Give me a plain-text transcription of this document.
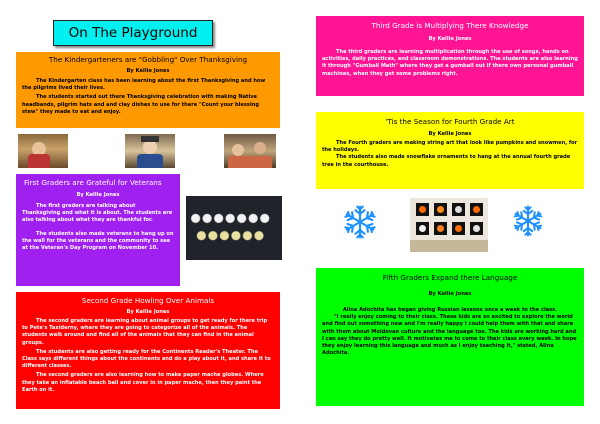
On The Playground
The Kindergarteners are "Gobbling" Over Thanksgiving
By Kellie Jones

The Kindergarten class has been learning about the first Thanksgiving and how the pilgrims lived their lives.

The students started out there Thanksgiving celebration with making Native headbands, pilgrim hats and and clay dishes to use for there "Count your blessing stew" they made to eat and enjoy.

First Graders are Grateful for Veterans
By Kellie Jones

The first graders are talking about Thanksgiving and what it is about. The students are also talking about what they are thankful for.

The students also made veterans to hang up on the wall for the veterans and the community to see at the Veteran's Day Program on November 10.

Second Grade Howling Over Animals
By Kellie Jones

The second graders are learning about animal groups to get ready for there trip to Pete's Taxiderny, where they are going to categorize all of the animals. The students walk around and find all of the animals that they can find in the animal groups.

The students are also getting ready for the Continents Reader's Theater. The Class says different things about the continents and do a play about it, and share it to different classes.

The second graders are also learning how to make paper mache globes. Where they take an inflatable beach ball and cover in in paper mache, then they paint the Earth on it.

Third Grade is Multiplying There Knowledge
By Kellie Jones

The third graders are learning multiplication through the use of songs, hands on activities, daily practices, and classroom demonstrations. The students are also learning it through "Gumball Math" where they get a gumball out if there own personal gumball machines, when they get some problems right.

'Tis the Season for Fourth Grade Art
By Kellie Jones

The Fourth graders are making string art that look like pumpkins and snowmen, for the holidays.

The students also made snowflake ornaments to hang at the annual fourth grade tree in the courthouse.

Fifth Graders Expand there Language
By Kellie Jones

Alina Adochita has began giving Russian lessons once a week to the class.

"I really enjoy coming to their class. These kids are so excited to explore the world and find out something new and I'm really happy I could help them with that and share with them about Moldovan culture and the language too. The kids are working hard and I can say they do pretty well. It motivates me to come to their class every week. In hope they enjoy learning this language and much as I enjoy teaching it," stated, Alina Adochita.
